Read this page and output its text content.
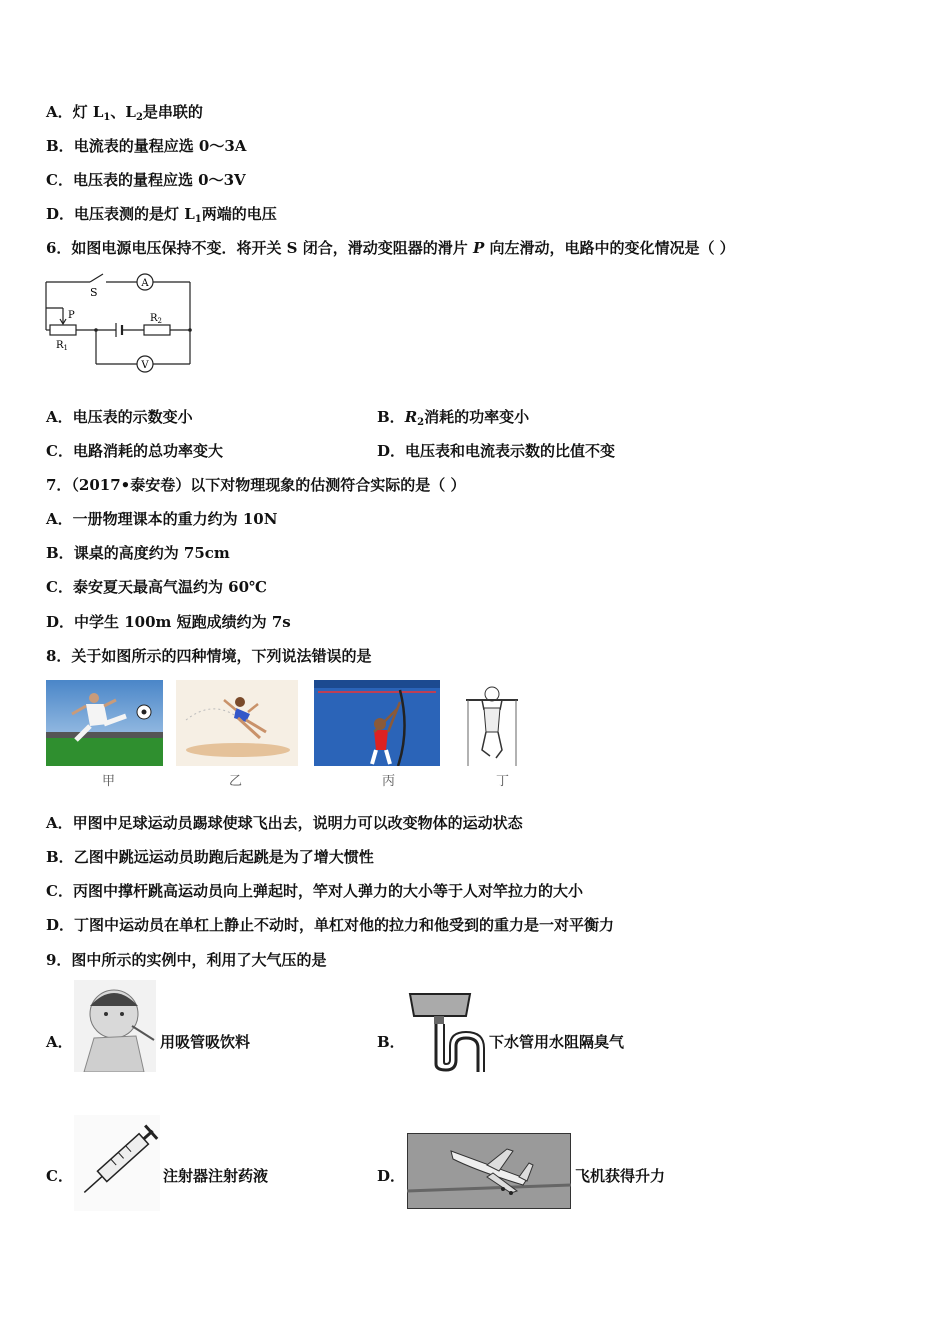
A．灯 $L_1$、$L_2$是串联的
B．电流表的量程应选 0～3A
C．电压表的量程应选 0～3V
D．电压表测的是灯 $L_1$两端的电压
6．如图电源电压保持不变．将开关 S 闭合，滑动变阻器的滑片 P 向左滑动，电路中的变化情况是（ ）
S
A
V
P
$R_1$
$R_2$
A．电压表的示数变小	B．$R_2$消耗的功率变小
C．电路消耗的总功率变大	D．电压表和电流表示数的比值不变
7．（2017•泰安卷）以下对物理现象的估测符合实际的是（ ）
A．一册物理课本的重力约为 10N
B．课桌的高度约为 75cm
C．泰安夏天最高气温约为 60℃
D．中学生 100m 短跑成绩约为 7s
8．关于如图所示的四种情境，下列说法错误的是
甲	乙	丙	丁
A．甲图中足球运动员踢球使球飞出去，说明力可以改变物体的运动状态
B．乙图中跳远运动员助跑后起跳是为了增大惯性
C．丙图中撑杆跳高运动员向上弹起时，竿对人弹力的大小等于人对竿拉力的大小
D．丁图中运动员在单杠上静止不动时，单杠对他的拉力和他受到的重力是一对平衡力
9．图中所示的实例中，利用了大气压的是
A．	用吸管吸饮料	B．	下水管用水阻隔臭气
C．	注射器注射药液	D．	飞机获得升力
